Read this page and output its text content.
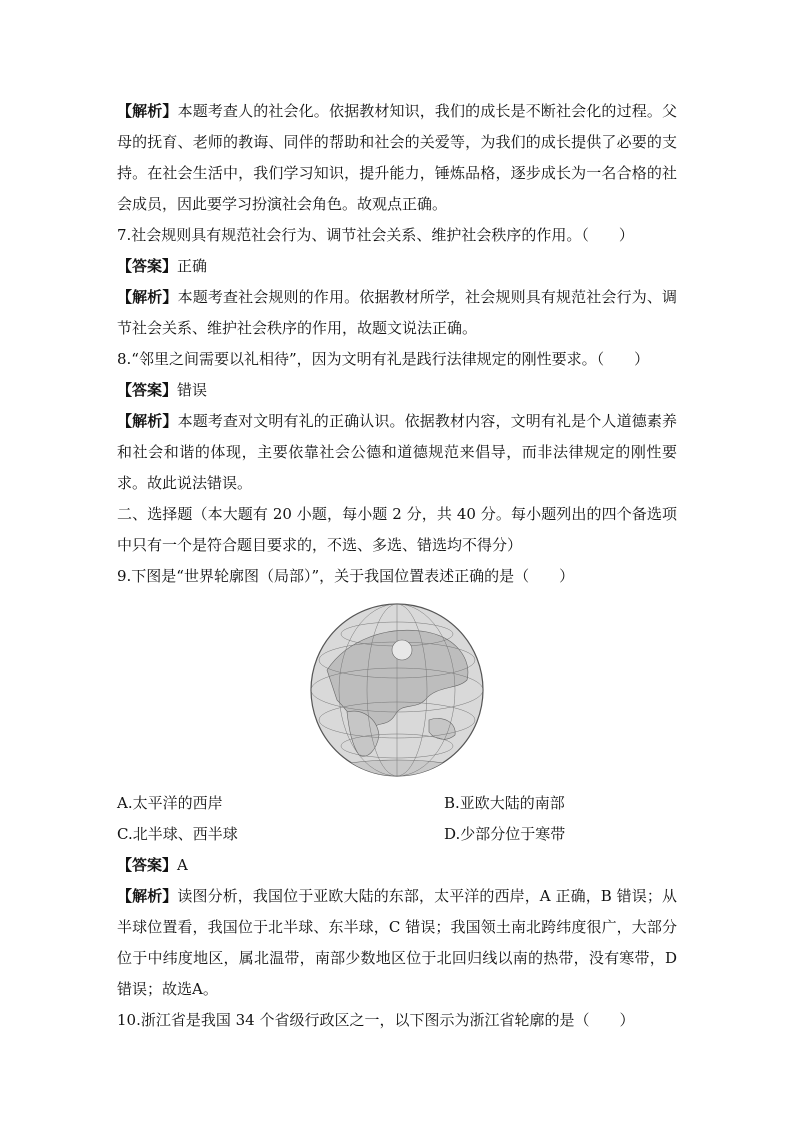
【解析】本题考查人的社会化。依据教材知识，我们的成长是不断社会化的过程。父母的抚育、老师的教诲、同伴的帮助和社会的关爱等，为我们的成长提供了必要的支持。在社会生活中，我们学习知识，提升能力，锤炼品格，逐步成长为一名合格的社会成员，因此要学习扮演社会角色。故观点正确。

7.社会规则具有规范社会行为、调节社会关系、维护社会秩序的作用。（　　）

【答案】正确

【解析】本题考查社会规则的作用。依据教材所学，社会规则具有规范社会行为、调节社会关系、维护社会秩序的作用，故题文说法正确。

8.“邻里之间需要以礼相待”，因为文明有礼是践行法律规定的刚性要求。（　　）

【答案】错误

【解析】本题考查对文明有礼的正确认识。依据教材内容，文明有礼是个人道德素养和社会和谐的体现，主要依靠社会公德和道德规范来倡导，而非法律规定的刚性要求。故此说法错误。

二、选择题（本大题有 20 小题，每小题 2 分，共 40 分。每小题列出的四个备选项中只有一个是符合题目要求的，不选、多选、错选均不得分）

9.下图是“世界轮廓图（局部）”，关于我国位置表述正确的是（　　）

A.太平洋的西岸	B.亚欧大陆的南部
C.北半球、西半球	D.少部分位于寒带

【答案】A

【解析】读图分析，我国位于亚欧大陆的东部，太平洋的西岸，A 正确，B 错误；从半球位置看，我国位于北半球、东半球，C 错误；我国领土南北跨纬度很广，大部分位于中纬度地区，属北温带，南部少数地区位于北回归线以南的热带，没有寒带，D 错误；故选A。

10.浙江省是我国 34 个省级行政区之一，以下图示为浙江省轮廓的是（　　）
